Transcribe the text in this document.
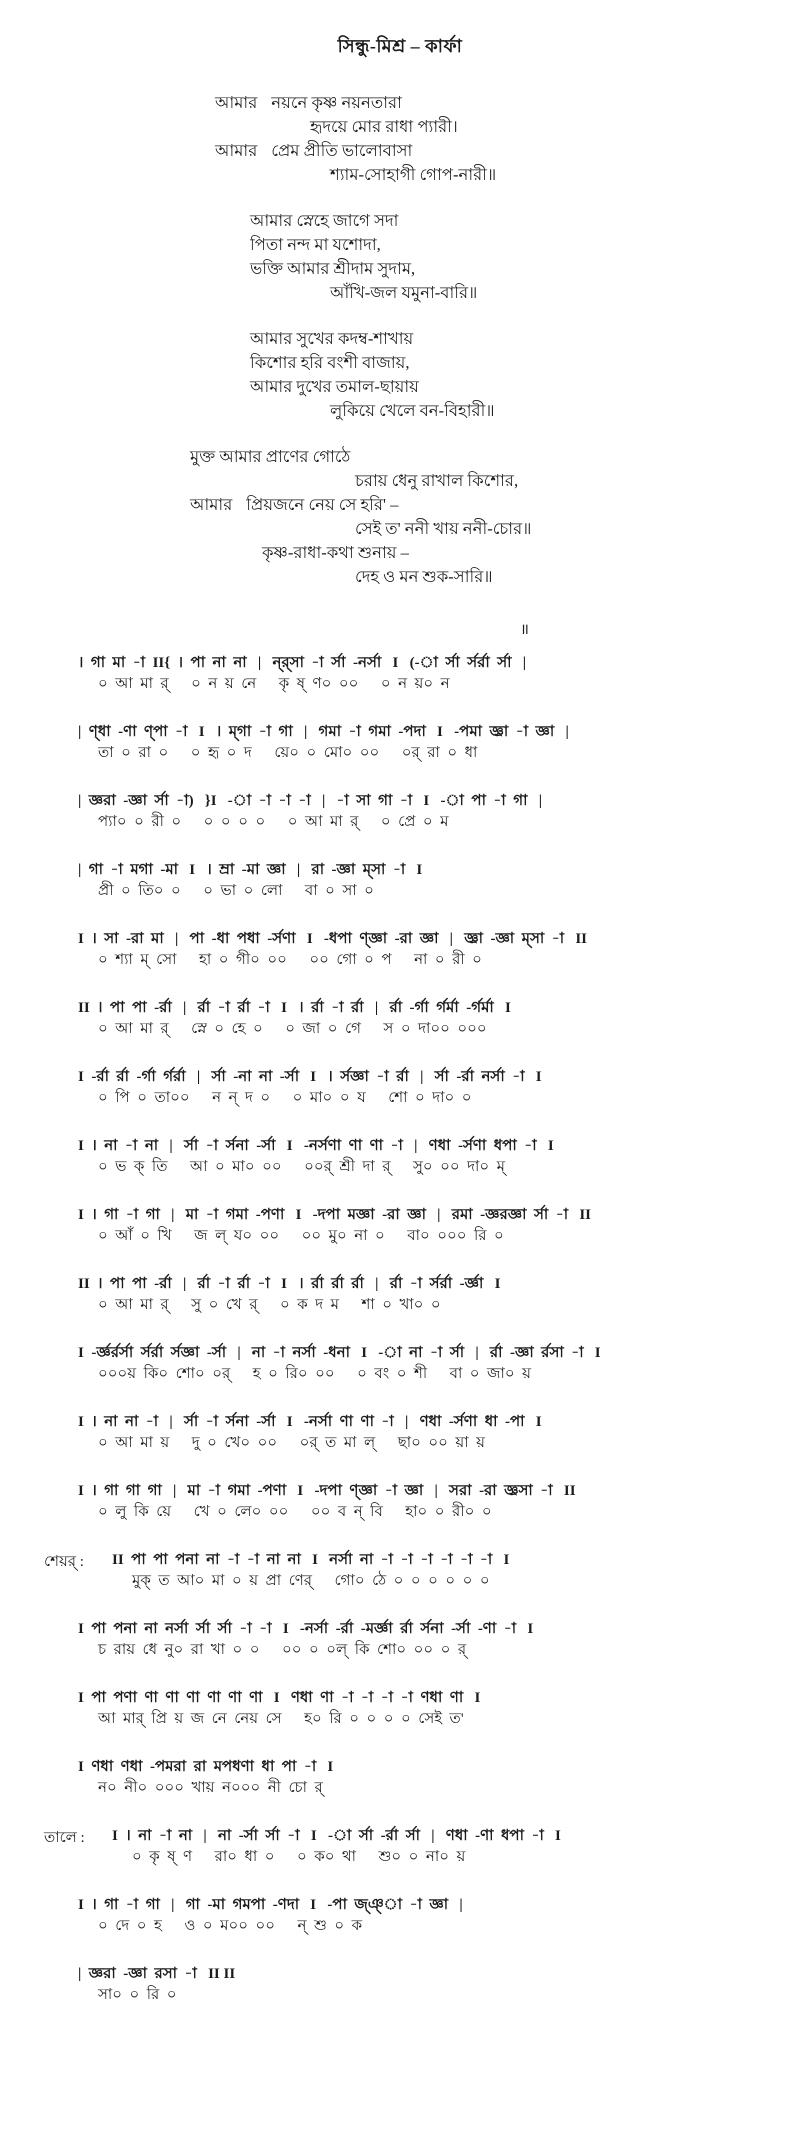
সিন্ধু-মিশ্র – কার্ফা
আমার নয়নে কৃষ্ণ নয়নতারা
হৃদয়ে মোর রাধা প্যারী।
আমার প্রেম প্রীতি ভালোবাসা
শ্যাম-সোহাগী গোপ-নারী॥
আমার স্নেহে জাগে সদা
পিতা নন্দ মা যশোদা,
ভক্তি আমার শ্রীদাম সুদাম,
আঁখি-জল যমুনা-বারি॥
আমার সুখের কদম্ব-শাখায়
কিশোর হরি বংশী বাজায়,
আমার দুখের তমাল-ছায়ায়
লুকিয়ে খেলে বন-বিহারী॥
মুক্ত আমার প্রাণের গোঠে
চরায় ধেনু রাখাল কিশোর,
আমার প্রিয়জনে নেয় সে হরি' –
সেই ত' ননী খায় ননী-চোর॥
কৃষ্ণ-রাধা-কথা শুনায় –
দেহ ও মন শুক-সারি॥
॥
।  গা  মা  -া  II{  ।  পা  না  না   |   ন্র্সা  -া  র্সা  -নর্সা   I   (-া  র্সা  র্সর্রা  র্সা   |
০  আ  মা  র্      ০  ন  য়  নে      কৃ  ষ্  ণ০  ০০      ০  ন  য়০  ন
|  ণ্ধা  -ণা  ণ্পা  -া   I   ।  ম্গা  -া  গা   |   গমা  -া  গমা  -পদা   I   -পমা  জ্ঞ্রা  -া  জ্ঞা   |
তা  ০  রা  ০      ০  হৃ  ০  দ      য়ে০  ০  মো০  ০০      ০র্  রা  ০  ধা
|  জ্ঞরা  -জ্ঞা  র্সা  -া)   }I   -া  -া  -া  -া   |   -া  সা  গা  -া   I   -া  পা  -া  গা   |
প্যা০  ০  রী  ০      ০  ০  ০  ০      ০  আ  মা  র্      ০  প্রে  ০  ম
|  গা  -া  মগা  -মা   I   ।  ম্রা  -মা  জ্ঞা   |   রা  -জ্ঞা  ম্সা  -া   I
প্রী  ০  তি০  ০      ০  ভা  ০  লো      বা  ০  সা  ০
I  ।  সা  -রা  মা   |   পা  -ধা  পধা  -র্সণা   I   -ধপা  ণ্জ্ঞা  -রা  জ্ঞা   |   জ্ঞ্রা  -জ্ঞা  ম্সা  -া   II
০  শ্যা  ম্  সো      হা  ০  গী০  ০০      ০০  গো  ০  প      না  ০  রী  ০
II  ।  পা  পা  -র্রা   |   র্রা  -া  র্রা  -া   I   ।  র্রা  -া  র্রা   |   র্রা  -র্গা  র্গর্মা  -র্গর্মা   I
০  আ  মা  র্      স্নে  ০  হে  ০      ০  জা  ০  গে      স  ০  দা০০  ০০০
I  -র্রা  র্রা  -র্গা  র্গর্রা   |   র্সা  -না  না  -র্সা   I   ।  র্সজ্ঞা  -া  র্রা   |   র্সা  -র্রা  নর্সা  -া   I
০  পি  ০  তা০০      ন  ন্  দ  ০      ০  মা০  ০  য      শো  ০  দা০  ০
I  ।  না  -া  না   |   র্সা  -া  র্সনা  -র্সা   I   -নর্সণা  ণা  ণা  -া   |   ণধা  -র্সণা  ধপা  -া   I
০  ভ  ক্  তি      আ  ০  মা০  ০০      ০০র্  শ্রী  দা  র্      সু০  ০০  দা০  ম্
I  ।  গা  -া  গা   |   মা  -া  গমা  -পণা   I   -দপা  মজ্ঞা  -রা  জ্ঞা   |   রমা  -জ্ঞরজ্ঞা  র্সা  -া   II
০  আঁ  ০  খি      জ  ল্  য০  ০০      ০০  মু০  না  ০      বা০  ০০০  রি  ০
II  ।  পা  পা  -র্রা   |   র্রা  -া  র্রা  -া   I   ।  র্রা  র্রা  র্রা   |   র্রা  -া  র্সর্রা  -র্জ্ঞা   I
০  আ  মা  র্      সু  ০  খে  র্      ০  ক  দ  ম      শা  ০  খা০  ০
I  -র্জ্ঞর্রর্সা  র্সর্রা  র্সজ্ঞা  -র্সা   |   না  -া  নর্সা  -ধনা   I   -া  না  -া  র্সা   |   র্রা  -জ্ঞা  র্রসা  -া   I
০০০য়  কি০  শো০  ০র্      হ  ০  রি০  ০০      ০  বং  ০  শী      বা  ০  জা০  য়
I  ।  না  না  -া   |   র্সা  -া  র্সনা  -র্সা   I   -নর্সা  ণা  ণা  -া   |   ণধা  -র্সণা  ধা  -পা   I
০  আ  মা  য়      দু  ০  খে০  ০০      ০র্  ত  মা  ল্      ছা০  ০০  য়া  য়
I  ।  গা  গা  গা   |   মা  -া  গমা  -পণা   I   -দপা  ণ্জ্ঞা  -া  জ্ঞা   |   সরা  -রা  জ্ঞ্রসা  -া   II
০  লু  কি  য়ে      খে  ০  লে০  ০০      ০০  ব  ন্  বি      হা০  ০  রী০  ০
শেয়র্ : II  পা  পা  পনা  না  -া  -া  না  না   I   নর্সা  না  -া  -া  -া  -া  -া  -া   I
মুক্  ত  আ০  মা  ০  য়  প্রা  ণের্      গো০  ঠে  ০  ০  ০  ০  ০  ০
I  পা  পনা  না  নর্সা  র্সা  র্সা  -া  -া   I   -নর্সা  -র্রা  -মর্জ্ঞা  র্রা  র্সনা  -র্সা  -ণা  -া   I
চ  রায়  ধে  নু০  রা  খা  ০  ০      ০০  ০  ০ল্  কি  শো০  ০০  ০  র্
I  পা  পণা  ণা  ণা  ণা  ণা  ণা  ণা   I   ণধা  ণা  -া  -া  -া  -া  ণধা  ণা   I
আ  মার্  প্রি  য়  জ  নে  নেয়  সে      হ০  রি  ০  ০  ০  ০  সেই  ত'
I  ণধা  ণধা  -পমরা  রা  মপধণা  ধা  পা  -া   I
ন০  নী০  ০০০  খায়  ন০০০  নী  চো  র্
তালে : I  ।  না  -া  না   |   না  -র্সা  র্সা  -া   I   -া  র্সা  -র্রা  র্সা   |   ণধা  -ণা  ধপা  -া   I
০  কৃ  ষ্  ণ      রা০  ধা  ০      ০  ক০  থা      শু০  ০  না০  য়
I  ।  গা  -া  গা   |   গা  -মা  গমপা  -ণদা   I   -পা  জ্ঞ্া  -া  জ্ঞা   |
০  দে  ০  হ      ও  ০  ম০০  ০০      ন্  শু  ০  ক
|  জ্ঞরা  -জ্ঞা  রসা  -া   II II
সা০  ০  রি  ০
